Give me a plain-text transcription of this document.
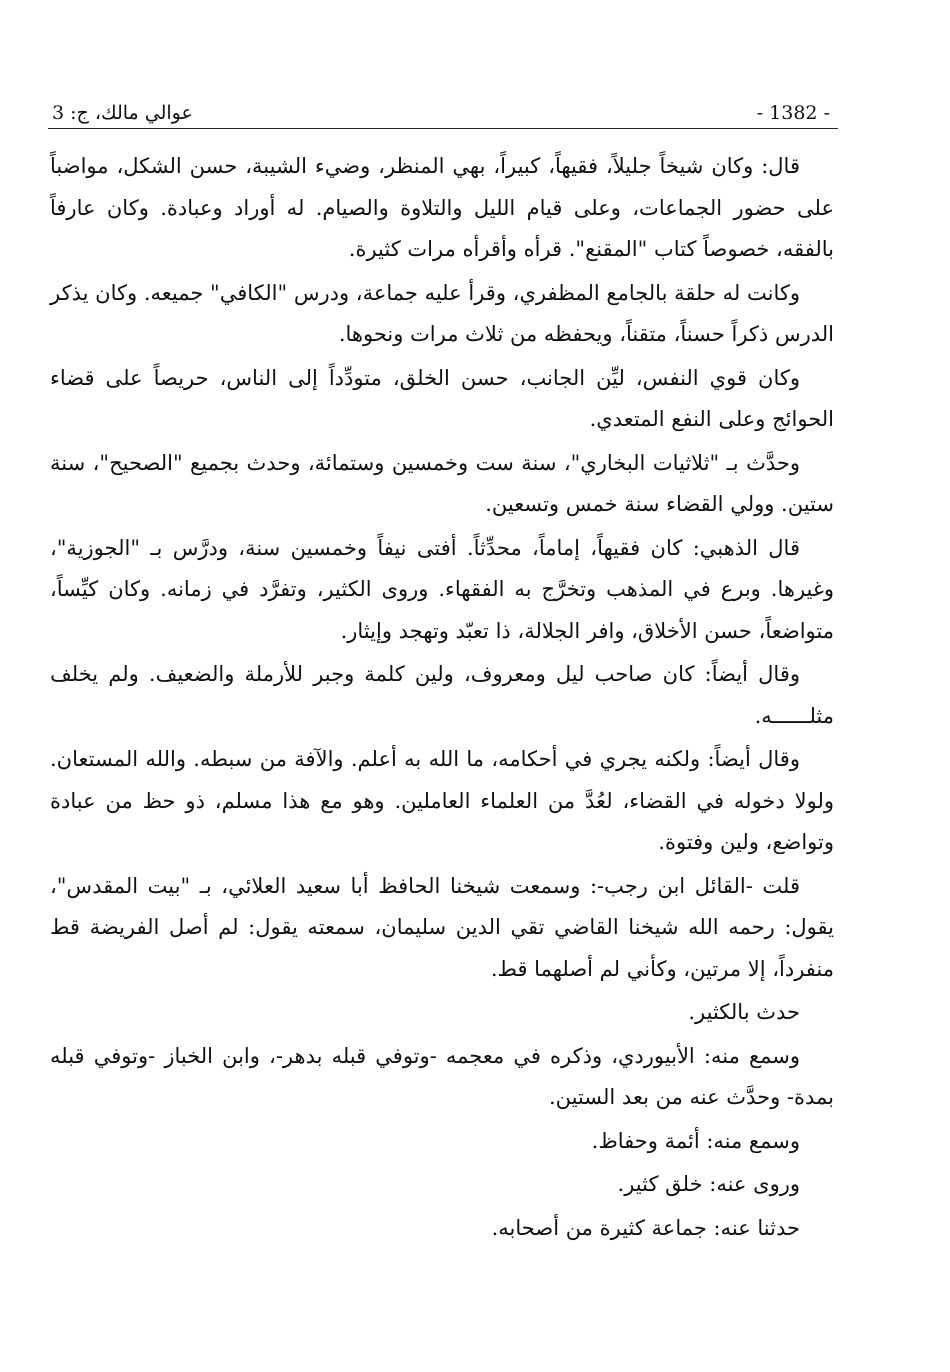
- 1382 -
عوالي مالك، ج: 3

قال: وكان شيخاً جليلاً، فقيهاً، كبيراً، بهي المنظر، وضيء الشيبة، حسن الشكل، مواضباً على حضور الجماعات، وعلى قيام الليل والتلاوة والصيام. له أوراد وعبادة. وكان عارفاً بالفقه، خصوصاً كتاب "المقنع". قرأه وأقرأه مرات كثيرة.

وكانت له حلقة بالجامع المظفري، وقرأ عليه جماعة، ودرس "الكافي" جميعه. وكان يذكر الدرس ذكراً حسناً، متقناً، ويحفظه من ثلاث مرات ونحوها.

وكان قوي النفس، ليِّن الجانب، حسن الخلق، متودِّداً إلى الناس، حريصاً على قضاء الحوائج وعلى النفع المتعدي.

وحدَّث بـ "ثلاثيات البخاري"، سنة ست وخمسين وستمائة، وحدث بجميع "الصحيح"، سنة ستين. وولي القضاء سنة خمس وتسعين.

قال الذهبي: كان فقيهاً، إماماً، محدِّثاً. أفتى نيفاً وخمسين سنة، ودرَّس بـ "الجوزية"، وغيرها. وبرع في المذهب وتخرَّج به الفقهاء. وروى الكثير، وتفرَّد في زمانه. وكان كيِّساً، متواضعاً، حسن الأخلاق، وافر الجلالة، ذا تعبّد وتهجد وإيثار.

وقال أيضاً: كان صاحب ليل ومعروف، ولين كلمة وجبر للأرملة والضعيف. ولم يخلف مثلــــــه.

وقال أيضاً: ولكنه يجري في أحكامه، ما الله به أعلم. والآفة من سبطه. والله المستعان. ولولا دخوله في القضاء، لعُدَّ من العلماء العاملين. وهو مع هذا مسلم، ذو حظ من عبادة وتواضع، ولين وفتوة.

قلت -القائل ابن رجب-: وسمعت شيخنا الحافظ أبا سعيد العلائي، بـ "بيت المقدس"، يقول: رحمه الله شيخنا القاضي تقي الدين سليمان، سمعته يقول: لم أصل الفريضة قط منفرداً، إلا مرتين، وكأني لم أصلهما قط.

حدث بالكثير.

وسمع منه: الأبيوردي، وذكره في معجمه -وتوفي قبله بدهر-، وابن الخباز -وتوفي قبله بمدة- وحدَّث عنه من بعد الستين.

وسمع منه: أئمة وحفاظ.

وروى عنه: خلق كثير.

حدثنا عنه: جماعة كثيرة من أصحابه.
